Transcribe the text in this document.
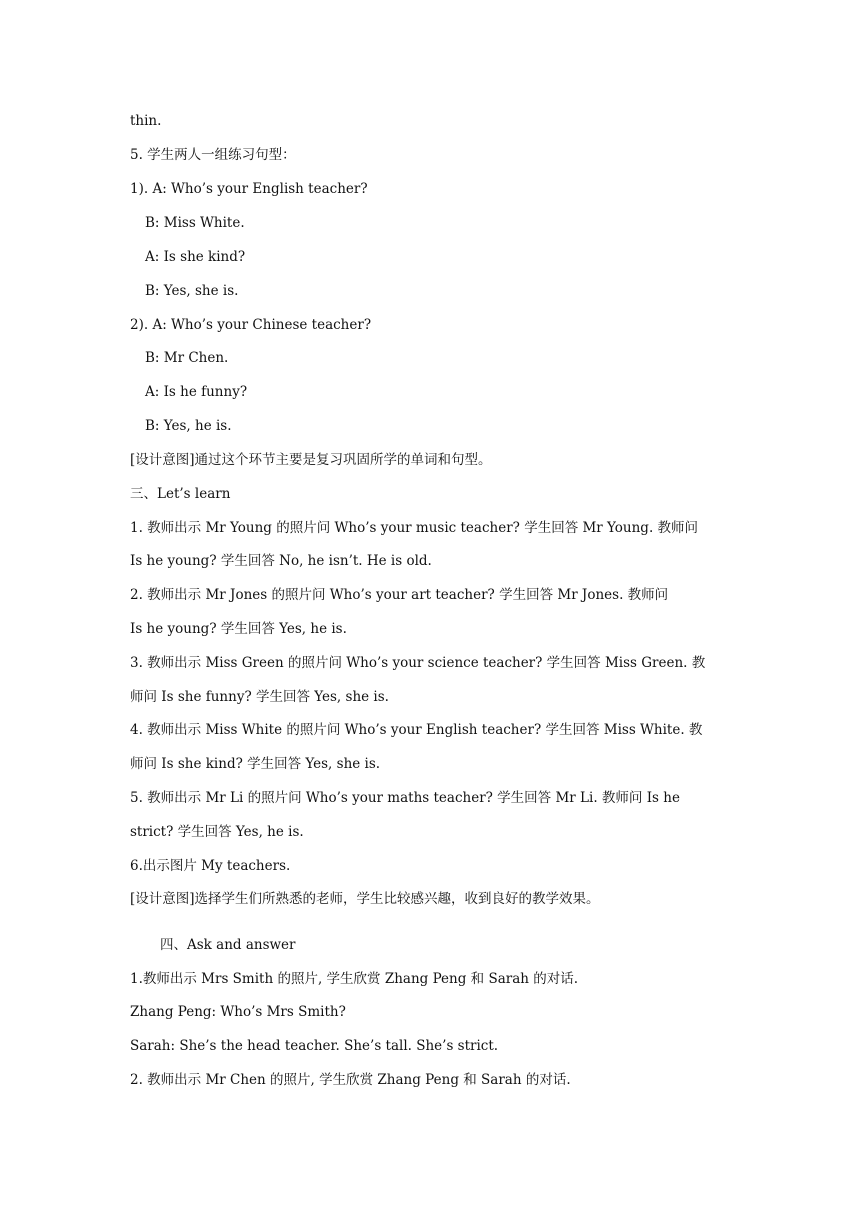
thin.
5. 学生两人一组练习句型：
1). A: Who’s your English teacher?
B: Miss White.
A: Is she kind?
B: Yes, she is.
2). A: Who’s your Chinese teacher?
B: Mr Chen.
A: Is he funny?
B: Yes, he is.
[设计意图]通过这个环节主要是复习巩固所学的单词和句型。
三、Let’s learn
1. 教师出示 Mr Young 的照片问 Who’s your music teacher? 学生回答 Mr Young. 教师问
Is he young? 学生回答 No, he isn’t. He is old.
2. 教师出示 Mr Jones 的照片问 Who’s your art teacher? 学生回答 Mr Jones. 教师问
Is he young? 学生回答 Yes, he is.
3. 教师出示 Miss Green 的照片问 Who’s your science teacher? 学生回答 Miss Green. 教
师问 Is she funny? 学生回答 Yes, she is.
4. 教师出示 Miss White 的照片问 Who’s your English teacher? 学生回答 Miss White. 教
师问 Is she kind? 学生回答 Yes, she is.
5. 教师出示 Mr Li 的照片问 Who’s your maths teacher? 学生回答 Mr Li. 教师问 Is he
strict? 学生回答 Yes, he is.
6.出示图片 My teachers.
[设计意图]选择学生们所熟悉的老师，学生比较感兴趣，收到良好的教学效果。
四、Ask and answer
1.教师出示 Mrs Smith 的照片, 学生欣赏 Zhang Peng 和 Sarah 的对话.
Zhang Peng: Who’s Mrs Smith?
Sarah: She’s the head teacher. She’s tall. She’s strict.
2. 教师出示 Mr Chen 的照片, 学生欣赏 Zhang Peng 和 Sarah 的对话.
